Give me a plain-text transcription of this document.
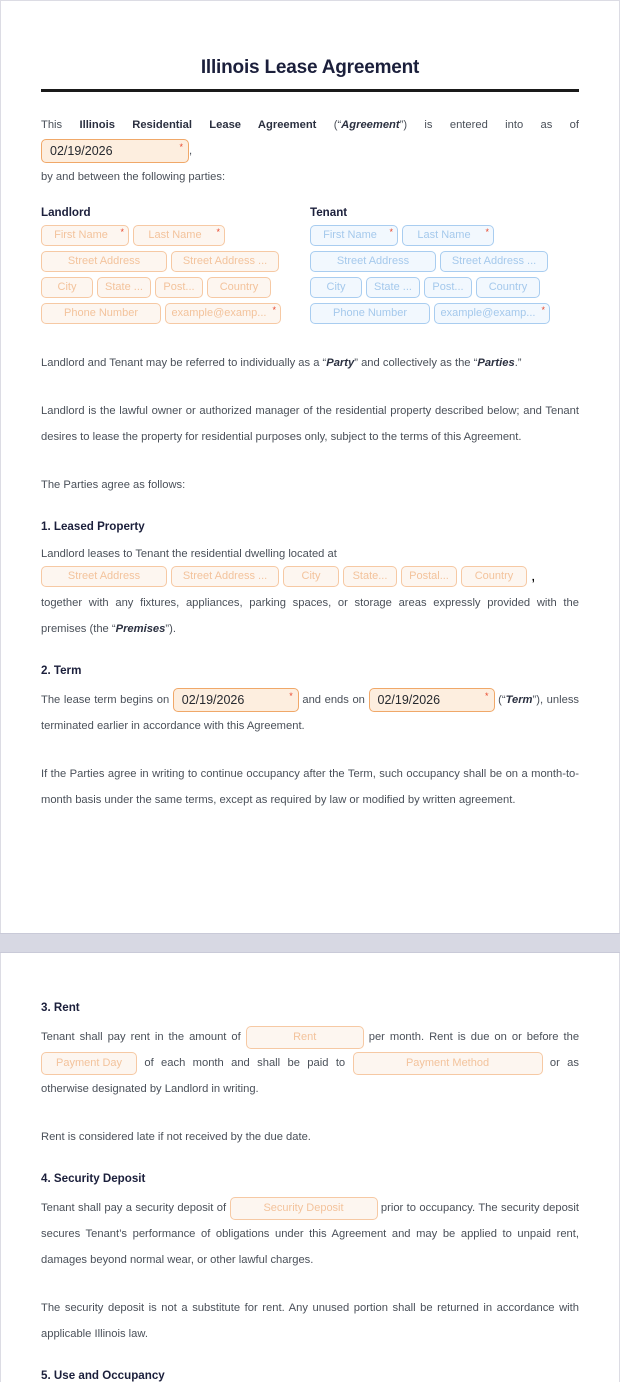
Illinois Lease Agreement
This Illinois Residential Lease Agreement (“Agreement”) is entered into as of 02/19/2026	* ,
by and between the following parties:
Landlord
First Name * Last Name *
Street Address	Street Address ...
City	State ... Post... Country
Phone Number	example@examp... *
Tenant
First Name * Last Name *
Street Address	Street Address ...
City	State ... Post... Country
Phone Number	example@examp... *
Landlord and Tenant may be referred to individually as a “Party” and collectively as the “Parties.”
Landlord is the lawful owner or authorized manager of the residential property described below; and Tenant desires to lease the property for residential purposes only, subject to the terms of this Agreement.
The Parties agree as follows:
1. Leased Property
Landlord leases to Tenant the residential dwelling located at
Street Address	Street Address ...	City	State... Postal... Country ,
together with any fixtures, appliances, parking spaces, or storage areas expressly provided with the premises (the “Premises”).
2. Term
The lease term begins on 02/19/2026	* and ends on 02/19/2026	* (“Term”), unless terminated earlier in accordance with this Agreement.
If the Parties agree in writing to continue occupancy after the Term, such occupancy shall be on a month-to-month basis under the same terms, except as required by law or modified by written agreement.
3. Rent
Tenant shall pay rent in the amount of	Rent	per month. Rent is due on or before the Payment Day of each month and shall be paid to	Payment Method	or as otherwise designated by Landlord in writing.
Rent is considered late if not received by the due date.
4. Security Deposit
Tenant shall pay a security deposit of	Security Deposit	prior to occupancy. The security deposit secures Tenant’s performance of obligations under this Agreement and may be applied to unpaid rent, damages beyond normal wear, or other lawful charges.
The security deposit is not a substitute for rent. Any unused portion shall be returned in accordance with applicable Illinois law.
5. Use and Occupancy
